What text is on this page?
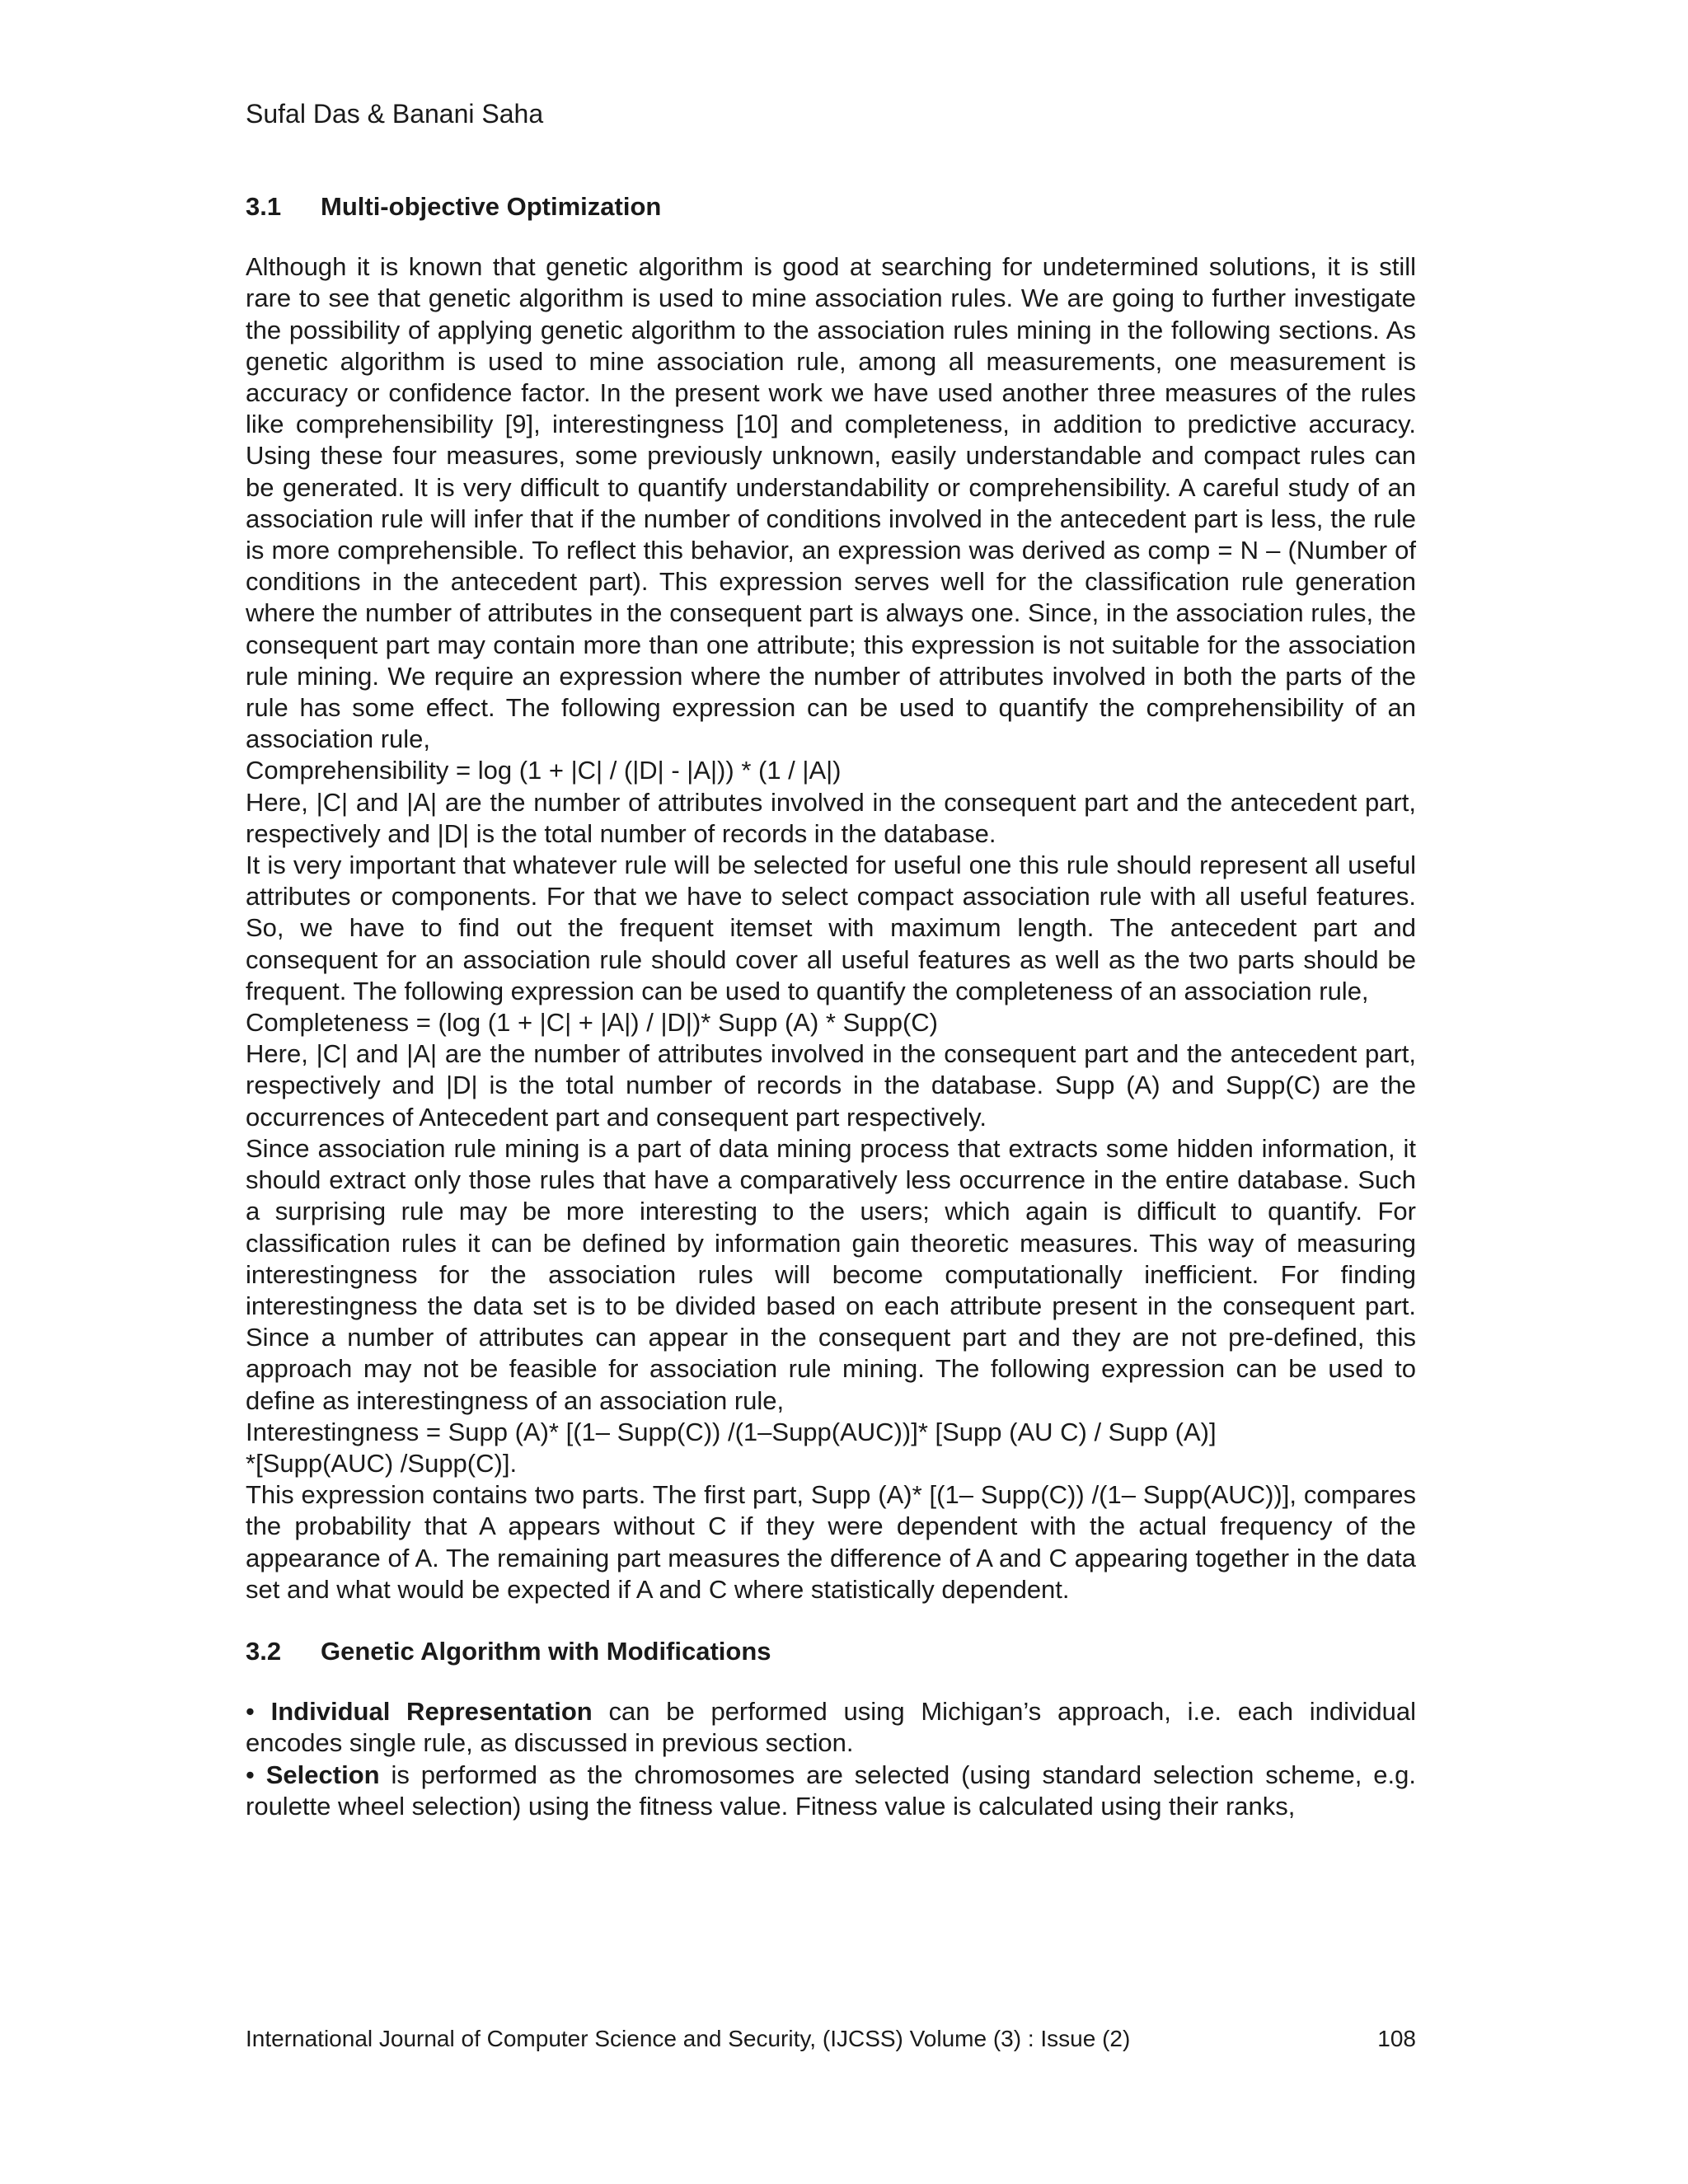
Sufal Das & Banani Saha
3.1 Multi-objective Optimization

Although it is known that genetic algorithm is good at searching for undetermined solutions, it is still rare to see that genetic algorithm is used to mine association rules. We are going to further investigate the possibility of applying genetic algorithm to the association rules mining in the following sections. As genetic algorithm is used to mine association rule, among all measurements, one measurement is accuracy or confidence factor. In the present work we have used another three measures of the rules like comprehensibility [9], interestingness [10] and completeness, in addition to predictive accuracy. Using these four measures, some previously unknown, easily understandable and compact rules can be generated. It is very difficult to quantify understandability or comprehensibility. A careful study of an association rule will infer that if the number of conditions involved in the antecedent part is less, the rule is more comprehensible. To reflect this behavior, an expression was derived as comp = N – (Number of conditions in the antecedent part). This expression serves well for the classification rule generation where the number of attributes in the consequent part is always one. Since, in the association rules, the consequent part may contain more than one attribute; this expression is not suitable for the association rule mining. We require an expression where the number of attributes involved in both the parts of the rule has some effect. The following expression can be used to quantify the comprehensibility of an association rule,

Comprehensibility = log (1 + |C| / (|D| - |A|)) * (1 / |A|)

Here, |C| and |A| are the number of attributes involved in the consequent part and the antecedent part, respectively and |D| is the total number of records in the database.

It is very important that whatever rule will be selected for useful one this rule should represent all useful attributes or components. For that we have to select compact association rule with all useful features. So, we have to find out the frequent itemset with maximum length. The antecedent part and consequent for an association rule should cover all useful features as well as the two parts should be frequent. The following expression can be used to quantify the completeness of an association rule,

Completeness = (log (1 + |C| + |A|) / |D|)* Supp (A) * Supp(C)

Here, |C| and |A| are the number of attributes involved in the consequent part and the antecedent part, respectively and |D| is the total number of records in the database. Supp (A) and Supp(C) are the occurrences of Antecedent part and consequent part respectively.

Since association rule mining is a part of data mining process that extracts some hidden information, it should extract only those rules that have a comparatively less occurrence in the entire database. Such a surprising rule may be more interesting to the users; which again is difficult to quantify. For classification rules it can be defined by information gain theoretic measures. This way of measuring interestingness for the association rules will become computationally inefficient. For finding interestingness the data set is to be divided based on each attribute present in the consequent part. Since a number of attributes can appear in the consequent part and they are not pre-defined, this approach may not be feasible for association rule mining. The following expression can be used to define as interestingness of an association rule,

Interestingness = Supp (A)* [(1– Supp(C)) /(1–Supp(AUC))]* [Supp (AU C) / Supp (A)]

*[Supp(AUC) /Supp(C)].

This expression contains two parts. The first part, Supp (A)* [(1– Supp(C)) /(1– Supp(AUC))], compares the probability that A appears without C if they were dependent with the actual frequency of the appearance of A. The remaining part measures the difference of A and C appearing together in the data set and what would be expected if A and C where statistically dependent.

3.2 Genetic Algorithm with Modifications

• Individual Representation can be performed using Michigan’s approach, i.e. each individual encodes single rule, as discussed in previous section.

• Selection is performed as the chromosomes are selected (using standard selection scheme, e.g. roulette wheel selection) using the fitness value. Fitness value is calculated using their ranks,

International Journal of Computer Science and Security, (IJCSS) Volume (3) : Issue (2)	108
